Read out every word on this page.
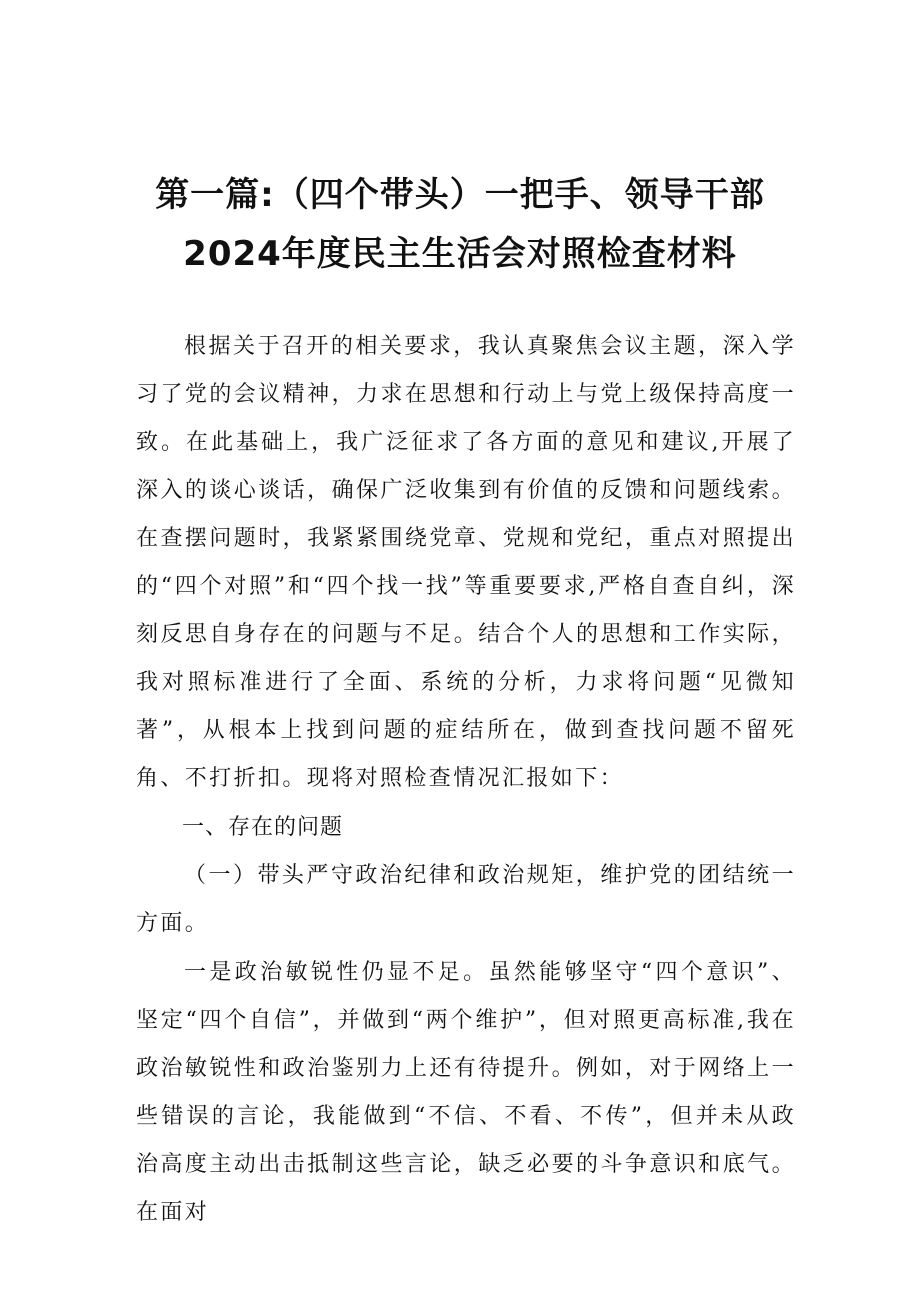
第一篇:（四个带头）一把手、领导干部
2024年度民主生活会对照检查材料
根据关于召开的相关要求，我认真聚焦会议主题，深入学习了党的会议精神，力求在思想和行动上与党上级保持高度一致。在此基础上，我广泛征求了各方面的意见和建议,开展了深入的谈心谈话，确保广泛收集到有价值的反馈和问题线索。在查摆问题时，我紧紧围绕党章、党规和党纪，重点对照提出的“四个对照”和“四个找一找”等重要要求,严格自查自纠，深刻反思自身存在的问题与不足。结合个人的思想和工作实际，我对照标准进行了全面、系统的分析，力求将问题“见微知著”，从根本上找到问题的症结所在，做到查找问题不留死角、不打折扣。现将对照检查情况汇报如下：
一、存在的问题
（一）带头严守政治纪律和政治规矩，维护党的团结统一方面。
一是政治敏锐性仍显不足。虽然能够坚守“四个意识”、坚定“四个自信”，并做到“两个维护”，但对照更高标准,我在政治敏锐性和政治鉴别力上还有待提升。例如，对于网络上一些错误的言论，我能做到“不信、不看、不传”，但并未从政治高度主动出击抵制这些言论，缺乏必要的斗争意识和底气。在面对
